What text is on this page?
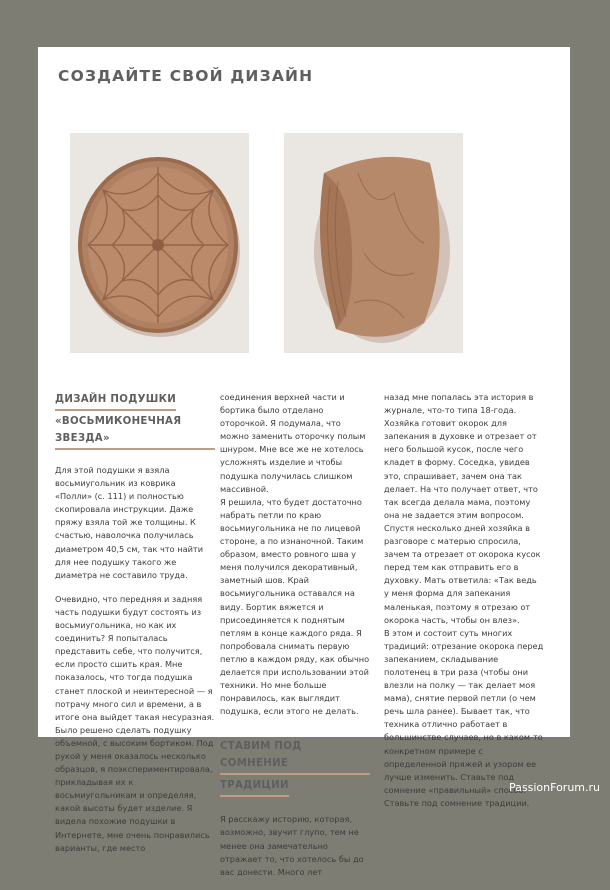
СОЗДАЙТЕ СВОЙ ДИЗАЙН
ДИЗАЙН ПОДУШКИ
«ВОСЬМИКОНЕЧНАЯ ЗВЕЗДА»

Для этой подушки я взяла восьмиугольник из коврика «Полли» (с. 111) и полностью скопировала инструкции. Даже пряжу взяла той же толщины. К счастью, наволочка получилась диаметром 40,5 см, так что найти для нее подушку такого же диаметра не составило труда.

Очевидно, что передняя и задняя часть подушки будут состоять из восьмиугольника, но как их соединить? Я попыталась представить себе, что получится, если просто сшить края. Мне показалось, что тогда подушка станет плоской и неинтересной — я потрачу много сил и времени, а в итоге она выйдет такая несуразная. Было решено сделать подушку объемной, с высоким бортиком. Под рукой у меня оказалось несколько образцов, я поэкспериментировала, прикладывая их к восьмиугольникам и определяя, какой высоты будет изделие. Я видела похожие подушки в Интернете, мне очень понравились варианты, где место

соединения верхней части и бортика было отделано оторочкой. Я подумала, что можно заменить оторочку полым шнуром. Мне все же не хотелось усложнять изделие и чтобы подушка получилась слишком массивной.

Я решила, что будет достаточно набрать петли по краю восьмиугольника не по лицевой стороне, а по изнаночной. Таким образом, вместо ровного шва у меня получился декоративный, заметный шов. Край восьмиугольника оставался на виду. Бортик вяжется и присоединяется к поднятым петлям в конце каждого ряда. Я попробовала снимать первую петлю в каждом ряду, как обычно делается при использовании этой техники. Но мне больше понравилось, как выглядит подушка, если этого не делать.

СТАВИМ ПОД СОМНЕНИЕ
ТРАДИЦИИ

Я расскажу историю, которая, возможно, звучит глупо, тем не менее она замечательно отражает то, что хотелось бы до вас донести. Много лет

назад мне попалась эта история в журнале, что-то типа 18-года. Хозяйка готовит окорок для запекания в духовке и отрезает от него большой кусок, после чего кладет в форму. Соседка, увидев это, спрашивает, зачем она так делает. На что получает ответ, что так всегда делала мама, поэтому она не задается этим вопросом. Спустя несколько дней хозяйка в разговоре с матерью спросила, зачем та отрезает от окорока кусок перед тем как отправить его в духовку. Мать ответила: «Так ведь у меня форма для запекания маленькая, поэтому я отрезаю от окорока часть, чтобы он влез».

В этом и состоит суть многих традиций: отрезание окорока перед запеканием, складывание полотенец в три раза (чтобы они влезли на полку — так делает моя мама), снятие первой петли (о чем речь шла ранее). Бывает так, что техника отлично работает в большинстве случаев, но в каком-то конкретном примере с определенной пряжей и узором ее лучше изменить. Ставьте под сомнение «правильный» способ. Ставьте под сомнение традиции.

PassionForum.ru
